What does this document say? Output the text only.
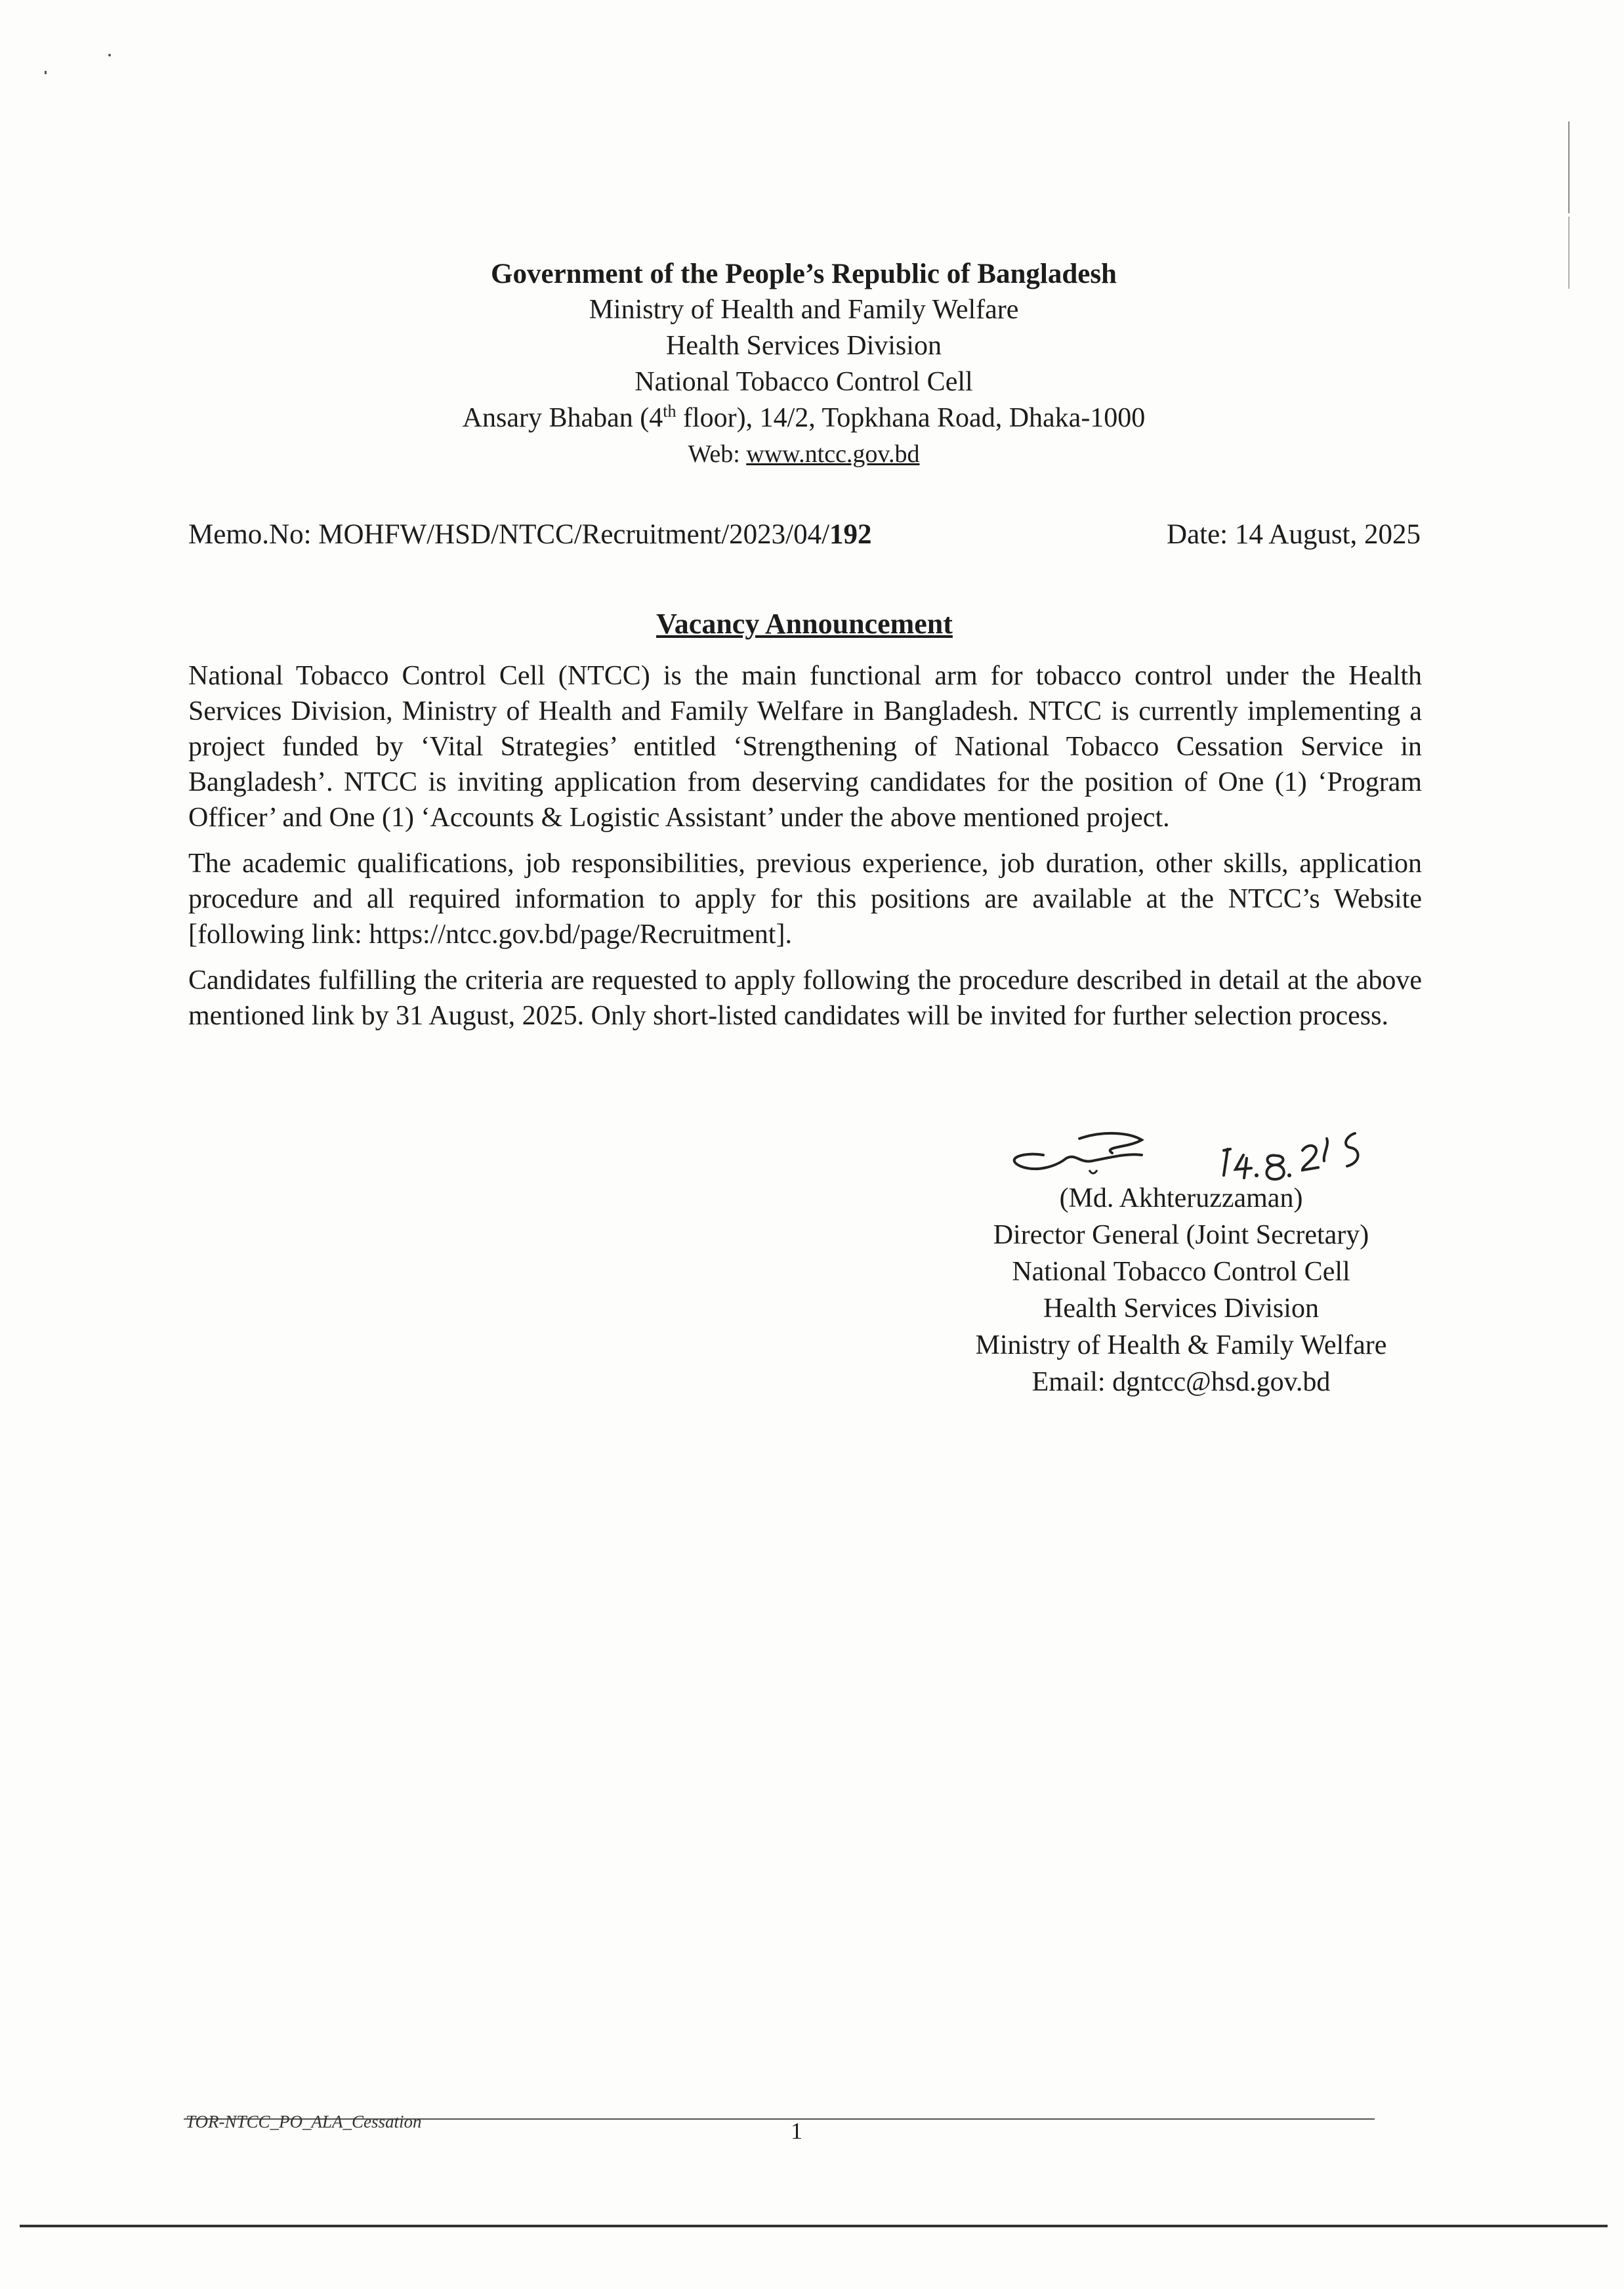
Government of the People’s Republic of Bangladesh
Ministry of Health and Family Welfare
Health Services Division
National Tobacco Control Cell
Ansary Bhaban (4th floor), 14/2, Topkhana Road, Dhaka-1000
Web: www.ntcc.gov.bd
Memo.No: MOHFW/HSD/NTCC/Recruitment/2023/04/192	Date: 14 August, 2025
Vacancy Announcement

National Tobacco Control Cell (NTCC) is the main functional arm for tobacco control under the Health Services Division, Ministry of Health and Family Welfare in Bangladesh. NTCC is currently implementing a project funded by ‘Vital Strategies’ entitled ‘Strengthening of National Tobacco Cessation Service in Bangladesh’. NTCC is inviting application from deserving candidates for the position of One (1) ‘Program Officer’ and One (1) ‘Accounts & Logistic Assistant’ under the above mentioned project.

The academic qualifications, job responsibilities, previous experience, job duration, other skills, application procedure and all required information to apply for this positions are available at the NTCC’s Website [following link: https://ntcc.gov.bd/page/Recruitment].

Candidates fulfilling the criteria are requested to apply following the procedure described in detail at the above mentioned link by 31 August, 2025. Only short-listed candidates will be invited for further selection process.

(Md. Akhteruzzaman)
Director General (Joint Secretary)
National Tobacco Control Cell
Health Services Division
Ministry of Health & Family Welfare
Email: dgntcc@hsd.gov.bd
TOR-NTCC_PO_ALA_Cessation	1
